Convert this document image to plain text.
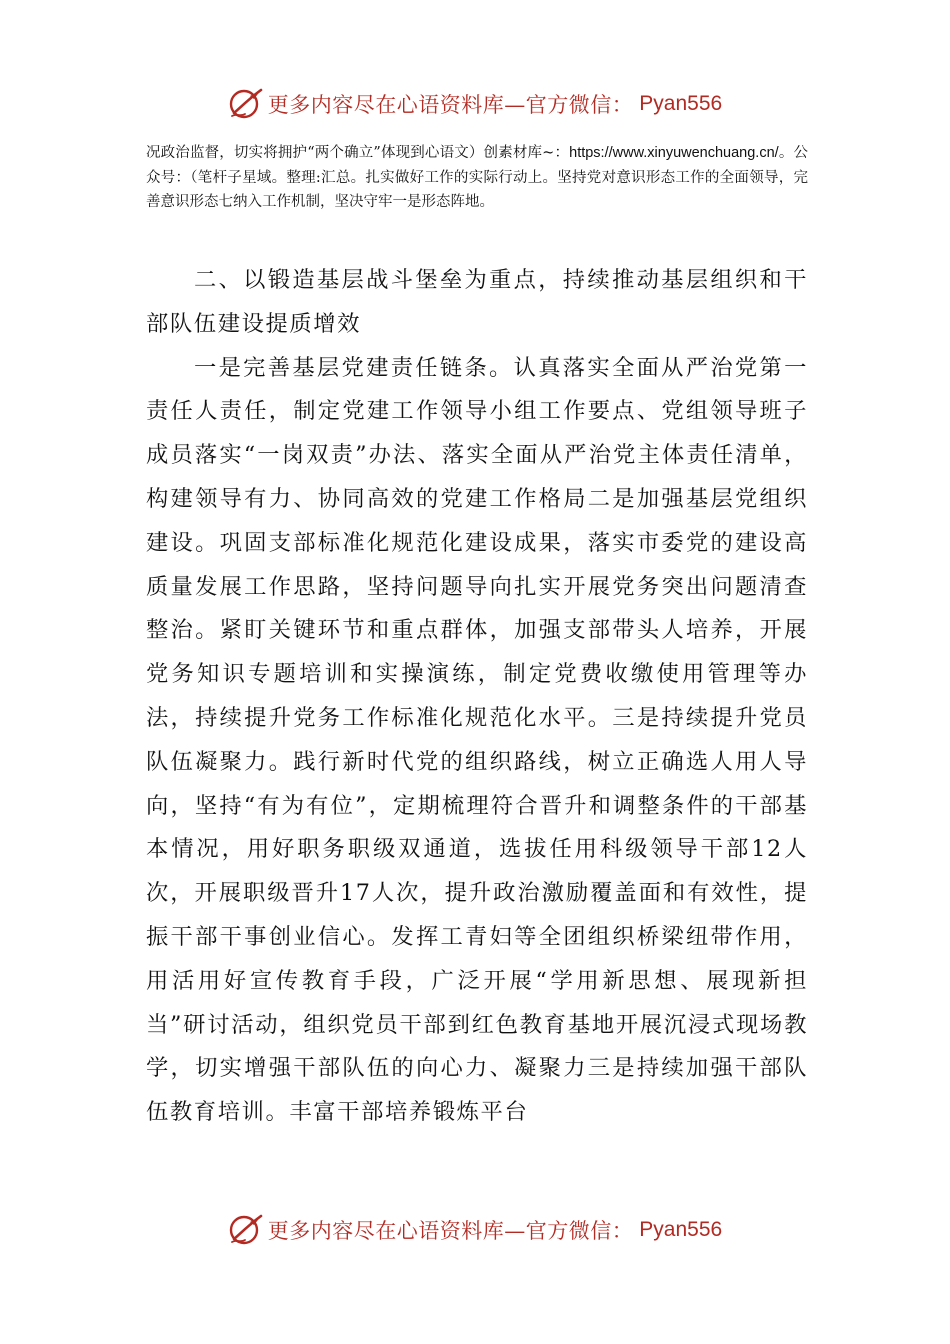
更多内容尽在心语资料库—官方微信： Pyan556

况政治监督，切实将拥护“两个确立”体现到心语文）创素材库~：https://www.xinyuwenchuang.cn/。公众号：（笔杆子星域。整理:汇总。扎实做好工作的实际行动上。坚持党对意识形态工作的全面领导，完善意识形态七纳入工作机制，坚决守牢一是形态阵地。

二、以锻造基层战斗堡垒为重点，持续推动基层组织和干部队伍建设提质增效

一是完善基层党建责任链条。认真落实全面从严治党第一责任人责任，制定党建工作领导小组工作要点、党组领导班子成员落实“一岗双责”办法、落实全面从严治党主体责任清单，构建领导有力、协同高效的党建工作格局二是加强基层党组织建设。巩固支部标准化规范化建设成果，落实市委党的建设高质量发展工作思路，坚持问题导向扎实开展党务突出问题清查整治。紧盯关键环节和重点群体，加强支部带头人培养，开展党务知识专题培训和实操演练，制定党费收缴使用管理等办法，持续提升党务工作标准化规范化水平。三是持续提升党员队伍凝聚力。践行新时代党的组织路线，树立正确选人用人导向，坚持“有为有位”，定期梳理符合晋升和调整条件的干部基本情况，用好职务职级双通道，选拔任用科级领导干部12人次，开展职级晋升17人次，提升政治激励覆盖面和有效性，提振干部干事创业信心。发挥工青妇等全团组织桥梁纽带作用，用活用好宣传教育手段，广泛开展“学用新思想、展现新担当”研讨活动，组织党员干部到红色教育基地开展沉浸式现场教学，切实增强干部队伍的向心力、凝聚力三是持续加强干部队伍教育培训。丰富干部培养锻炼平台

更多内容尽在心语资料库—官方微信： Pyan556
